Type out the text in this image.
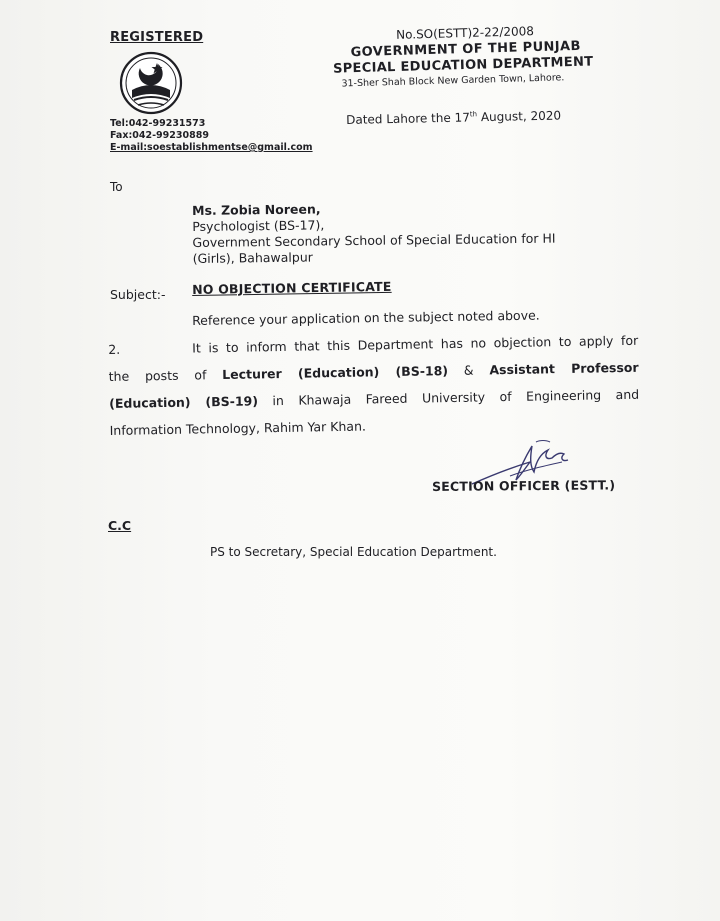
REGISTERED
Tel:042-99231573
Fax:042-99230889
E-mail:soestablishmentse@gmail.com
No.SO(ESTT)2-22/2008
GOVERNMENT OF THE PUNJAB
SPECIAL EDUCATION DEPARTMENT
31-Sher Shah Block New Garden Town, Lahore.
Dated Lahore the 17th August, 2020
To
Ms. Zobia Noreen,
Psychologist (BS-17),
Government Secondary School of Special Education for HI
(Girls), Bahawalpur
Subject:- NO OBJECTION CERTIFICATE
Reference your application on the subject noted above.
2.	It is to inform that this Department has no objection to apply for
the posts of Lecturer (Education) (BS-18) & Assistant Professor
(Education) (BS-19) in Khawaja Fareed University of Engineering and
Information Technology, Rahim Yar Khan.
SECTION OFFICER (ESTT.)
C.C
PS to Secretary, Special Education Department.
